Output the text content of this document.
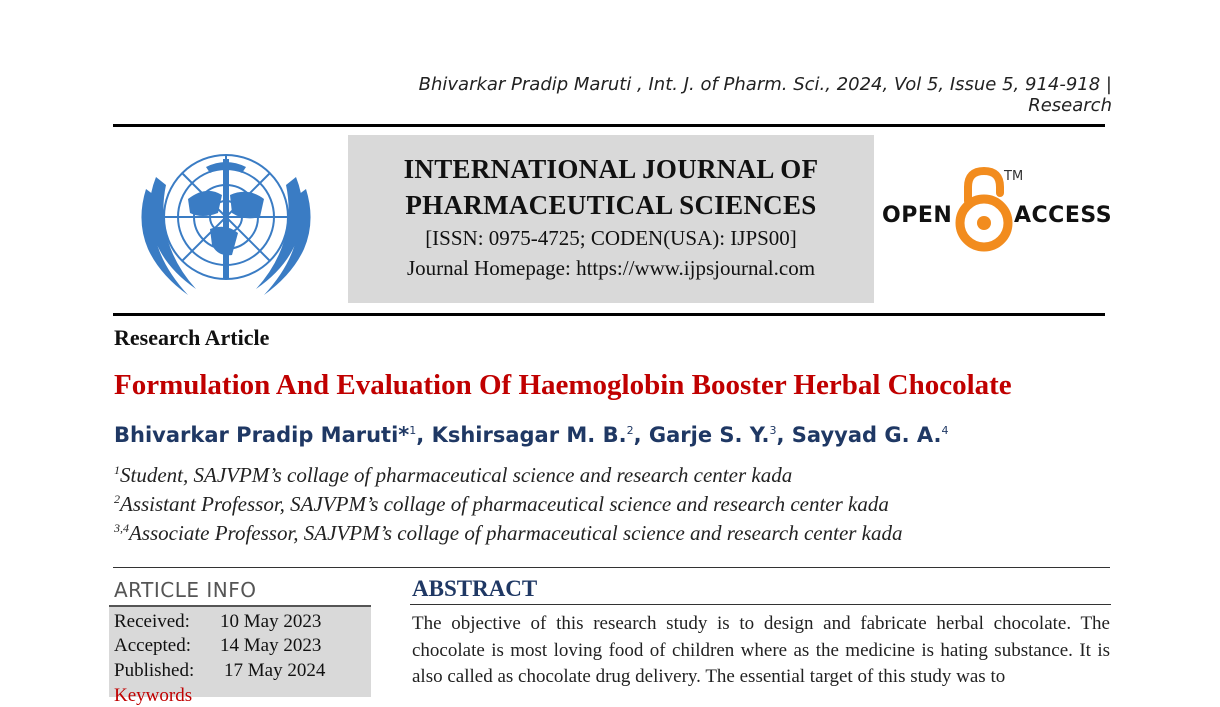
Bhivarkar Pradip Maruti , Int. J. of Pharm. Sci., 2024, Vol 5, Issue 5, 914-918 | Research
INTERNATIONAL JOURNAL OF
PHARMACEUTICAL SCIENCES
[ISSN: 0975-4725; CODEN(USA): IJPS00]
Journal Homepage: https://www.ijpsjournal.com
OPEN
TM
ACCESS
Research Article
Formulation And Evaluation Of Haemoglobin Booster Herbal Chocolate
Bhivarkar Pradip Maruti*$^1$, Kshirsagar M. B.$^2$, Garje S. Y.$^3$, Sayyad G. A.$^4$
$^1$Student, SAJVPM’s collage of pharmaceutical science and research center kada
$^2$Assistant Professor, SAJVPM’s collage of pharmaceutical science and research center kada
$^{3,4}$Associate Professor, SAJVPM’s collage of pharmaceutical science and research center kada
ARTICLE INFO
Received: 10 May 2023
Accepted: 14 May 2023
Published: 17 May 2024
Keywords
ABSTRACT
The objective of this research study is to design and fabricate herbal chocolate. The chocolate is most loving food of children where as the medicine is hating substance. It is also called as chocolate drug delivery. The essential target of this study was to
